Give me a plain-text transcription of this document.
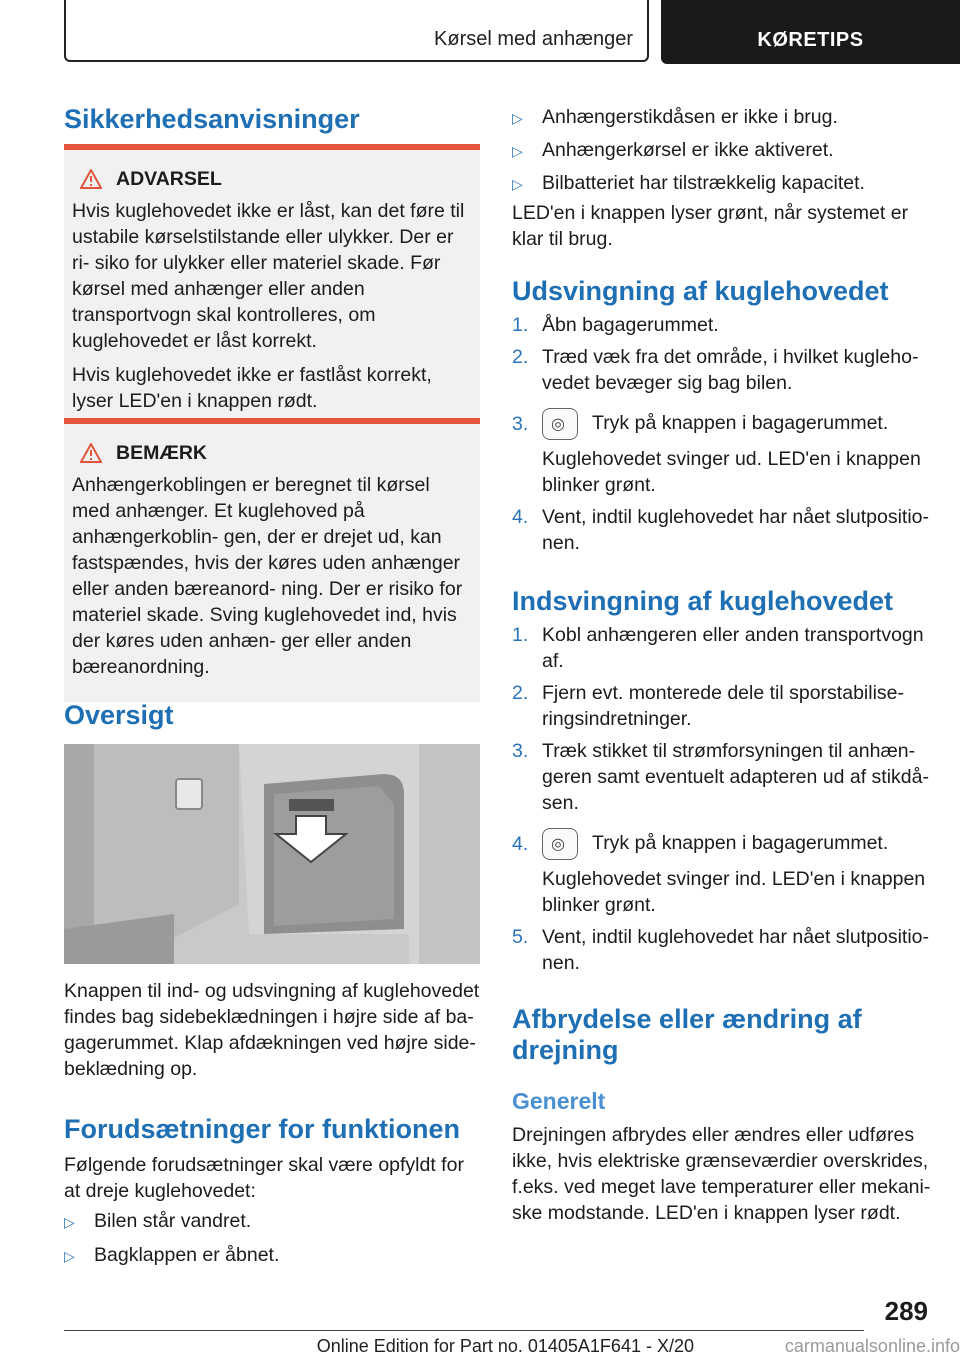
Kørsel med anhænger	KØRETIPS
Sikkerhedsanvisninger
ADVARSEL

Hvis kuglehovedet ikke er låst, kan det føre til ustabile kørselstilstande eller ulykker. Der er ri- siko for ulykker eller materiel skade. Før kørsel med anhænger eller anden transportvogn skal kontrolleres, om kuglehovedet er låst korrekt.

Hvis kuglehovedet ikke er fastlåst korrekt, lyser LED'en i knappen rødt.

BEMÆRK

Anhængerkoblingen er beregnet til kørsel med anhænger. Et kuglehoved på anhængerkoblin- gen, der er drejet ud, kan fastspændes, hvis der køres uden anhænger eller anden bæreanord- ning. Der er risiko for materiel skade. Sving kuglehovedet ind, hvis der køres uden anhæn- ger eller anden bæreanordning.

Oversigt

Knappen til ind- og udsvingning af kuglehovedet findes bag sidebeklædningen i højre side af ba- gagerummet. Klap afdækningen ved højre side- beklædning op.

Forudsætninger for funktionen

Følgende forudsætninger skal være opfyldt for at dreje kuglehovedet:

▷ Bilen står vandret.
▷ Bagklappen er åbnet.
▷ Anhængerstikdåsen er ikke i brug.
▷ Anhængerkørsel er ikke aktiveret.
▷ Bilbatteriet har tilstrækkelig kapacitet.

LED'en i knappen lyser grønt, når systemet er klar til brug.

Udsvingning af kuglehovedet
1. Åbn bagagerummet.
2. Træd væk fra det område, i hvilket kugleho- vedet bevæger sig bag bilen.
3. ◎	Tryk på knappen i bagagerummet.
Kuglehovedet svinger ud. LED'en i knappen blinker grønt.
4. Vent, indtil kuglehovedet har nået slutpositio- nen.
Indsvingning af kuglehovedet
1. Kobl anhængeren eller anden transportvogn af.
2. Fjern evt. monterede dele til sporstabilise- ringsindretninger.
3. Træk stikket til strømforsyningen til anhæn- geren samt eventuelt adapteren ud af stikdå- sen.
4. ◎	Tryk på knappen i bagagerummet.
Kuglehovedet svinger ind. LED'en i knappen blinker grønt.
5. Vent, indtil kuglehovedet har nået slutpositio- nen.
Afbrydelse eller ændring af drejning
Generelt

Drejningen afbrydes eller ændres eller udføres ikke, hvis elektriske grænseværdier overskrides, f.eks. ved meget lave temperaturer eller mekani- ske modstande. LED'en i knappen lyser rødt.

289
Online Edition for Part no. 01405A1F641 - X/20	carmanualsonline.info
